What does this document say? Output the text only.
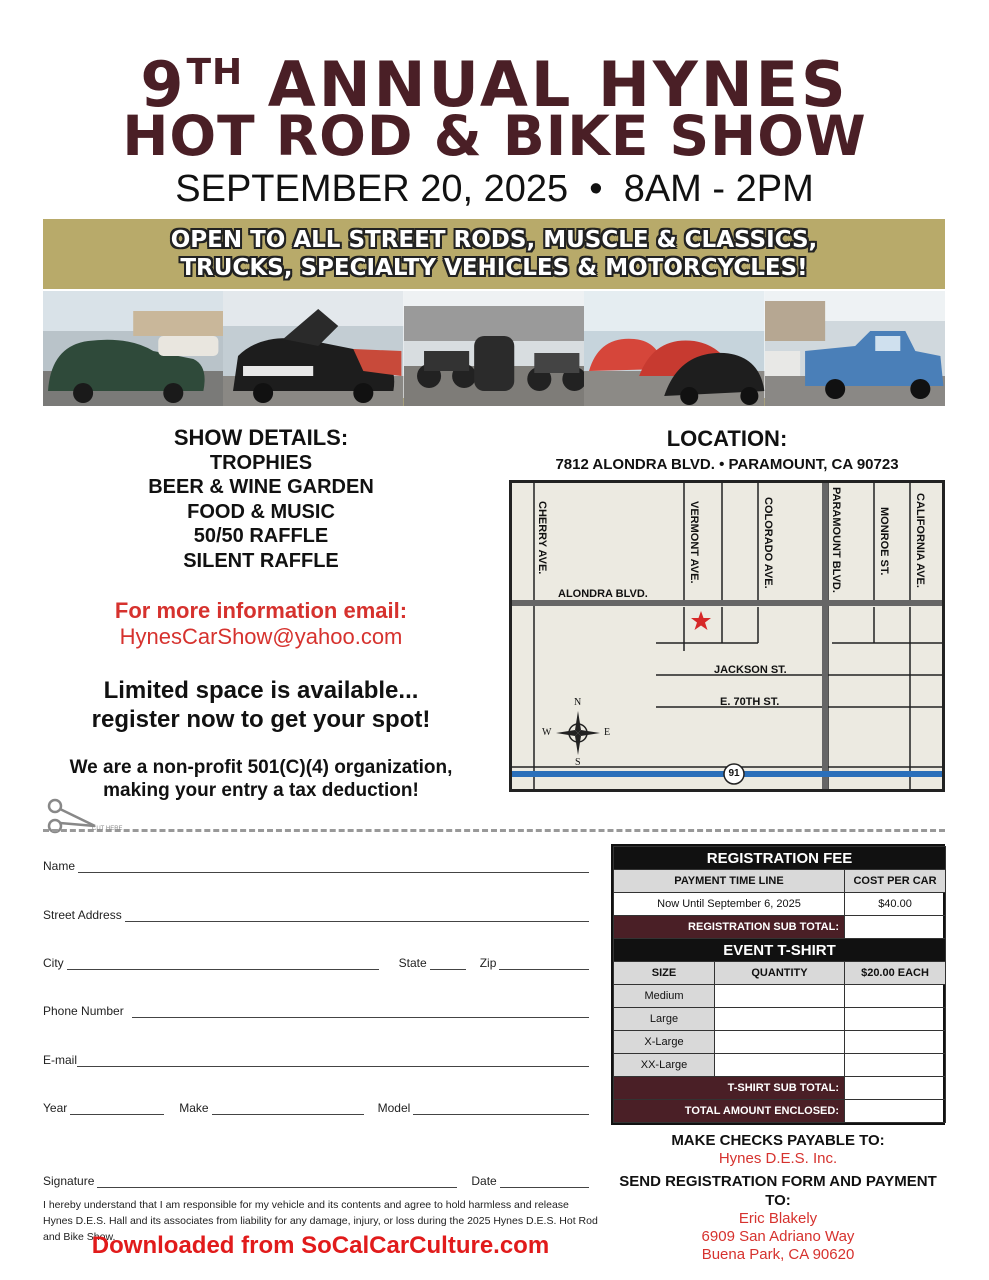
9TH ANNUAL HYNES
HOT ROD & BIKE SHOW
SEPTEMBER 20, 2025 • 8AM - 2PM
OPEN TO ALL STREET RODS, MUSCLE & CLASSICS,
TRUCKS, SPECIALTY VEHICLES & MOTORCYCLES!
SHOW DETAILS:
TROPHIES
BEER & WINE GARDEN
FOOD & MUSIC
50/50 RAFFLE
SILENT RAFFLE
For more information email:
HynesCarShow@yahoo.com
Limited space is available...
register now to get your spot!
We are a non-profit 501(C)(4) organization,
making your entry a tax deduction!
LOCATION:
7812 ALONDRA BLVD. • PARAMOUNT, CA 90723
CHERRY AVE.	VERMONT AVE.	COLORADO AVE.	PARAMOUNT BLVD.	MONROE ST. CALIFORNIA AVE.
ALONDRA BLVD.
JACKSON ST.
E. 70TH ST.
91
N
S
W	E
CUT HERE
Name
Street Address
City	State	Zip
Phone Number
E-mail
Year	Make	Model
Signature	Date
I hereby understand that I am responsible for my vehicle and its contents and agree to hold harmless and release Hynes D.E.S. Hall and its associates from liability for any damage, injury, or loss during the 2025 Hynes D.E.S. Hot Rod and Bike Show.
Downloaded from SoCalCarCulture.com
REGISTRATION FEE		
PAYMENT TIME LINE		COST PER CAR
Now Until September 6, 2025		$40.00
REGISTRATION SUB TOTAL:		
EVENT T-SHIRT		
SIZE	QUANTITY	$20.00 EACH
Medium		
Large		
X-Large		
XX-Large		
T-SHIRT SUB TOTAL:		
TOTAL AMOUNT ENCLOSED:		
MAKE CHECKS PAYABLE TO:
Hynes D.E.S. Inc.
SEND REGISTRATION FORM AND PAYMENT TO:
Eric Blakely
6909 San Adriano Way
Buena Park, CA 90620
